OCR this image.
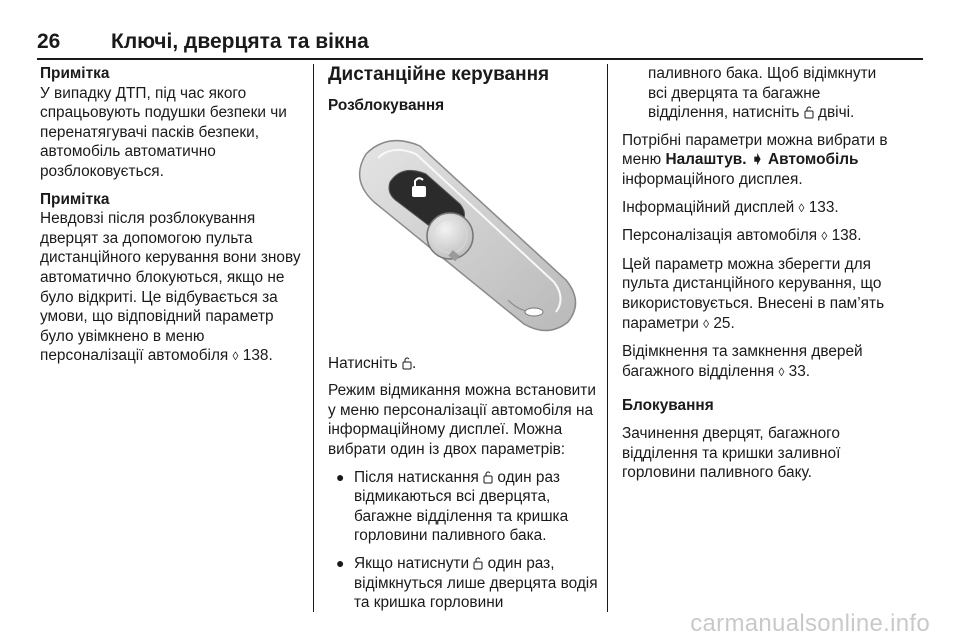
26 Ключі, дверцята та вікна

Примітка
У випадку ДТП, під час якого спрацьовують подушки безпеки чи перенатягувачі пасків безпеки, автомобіль автоматично розблоковується.

Примітка
Невдовзі після розблокування дверцят за допомогою пульта дистанційного керування вони знову автоматично блокуються, якщо не було відкриті. Це відбувається за умови, що відповідний параметр було увімкнено в меню персоналізації автомобіля ◊ 138.

Дистанційне керування
Розблокування

Натисніть .

Режим відмикання можна встановити у меню персоналізації автомобіля на інформаційному дисплеї. Можна вибрати один із двох параметрів:

● Після натискання один раз відмикаються всі дверцята, багажне відділення та кришка горловини паливного бака.
● Якщо натиснути один раз, відімкнуться лише дверцята водія та кришка горловини

паливного бака. Щоб відімкнути всі дверцята та багажне відділення, натисніть двічі.

Потрібні параметри можна вибрати в меню Налаштув. ➧ Автомобіль інформаційного дисплея.

Інформаційний дисплей ◊ 133.

Персоналізація автомобіля ◊ 138.

Цей параметр можна зберегти для пульта дистанційного керування, що використовується. Внесені в пам’ять параметри ◊ 25.

Відімкнення та замкнення дверей багажного відділення ◊ 33.

Блокування

Зачинення дверцят, багажного відділення та кришки заливної горловини паливного баку.

carmanualsonline.info
